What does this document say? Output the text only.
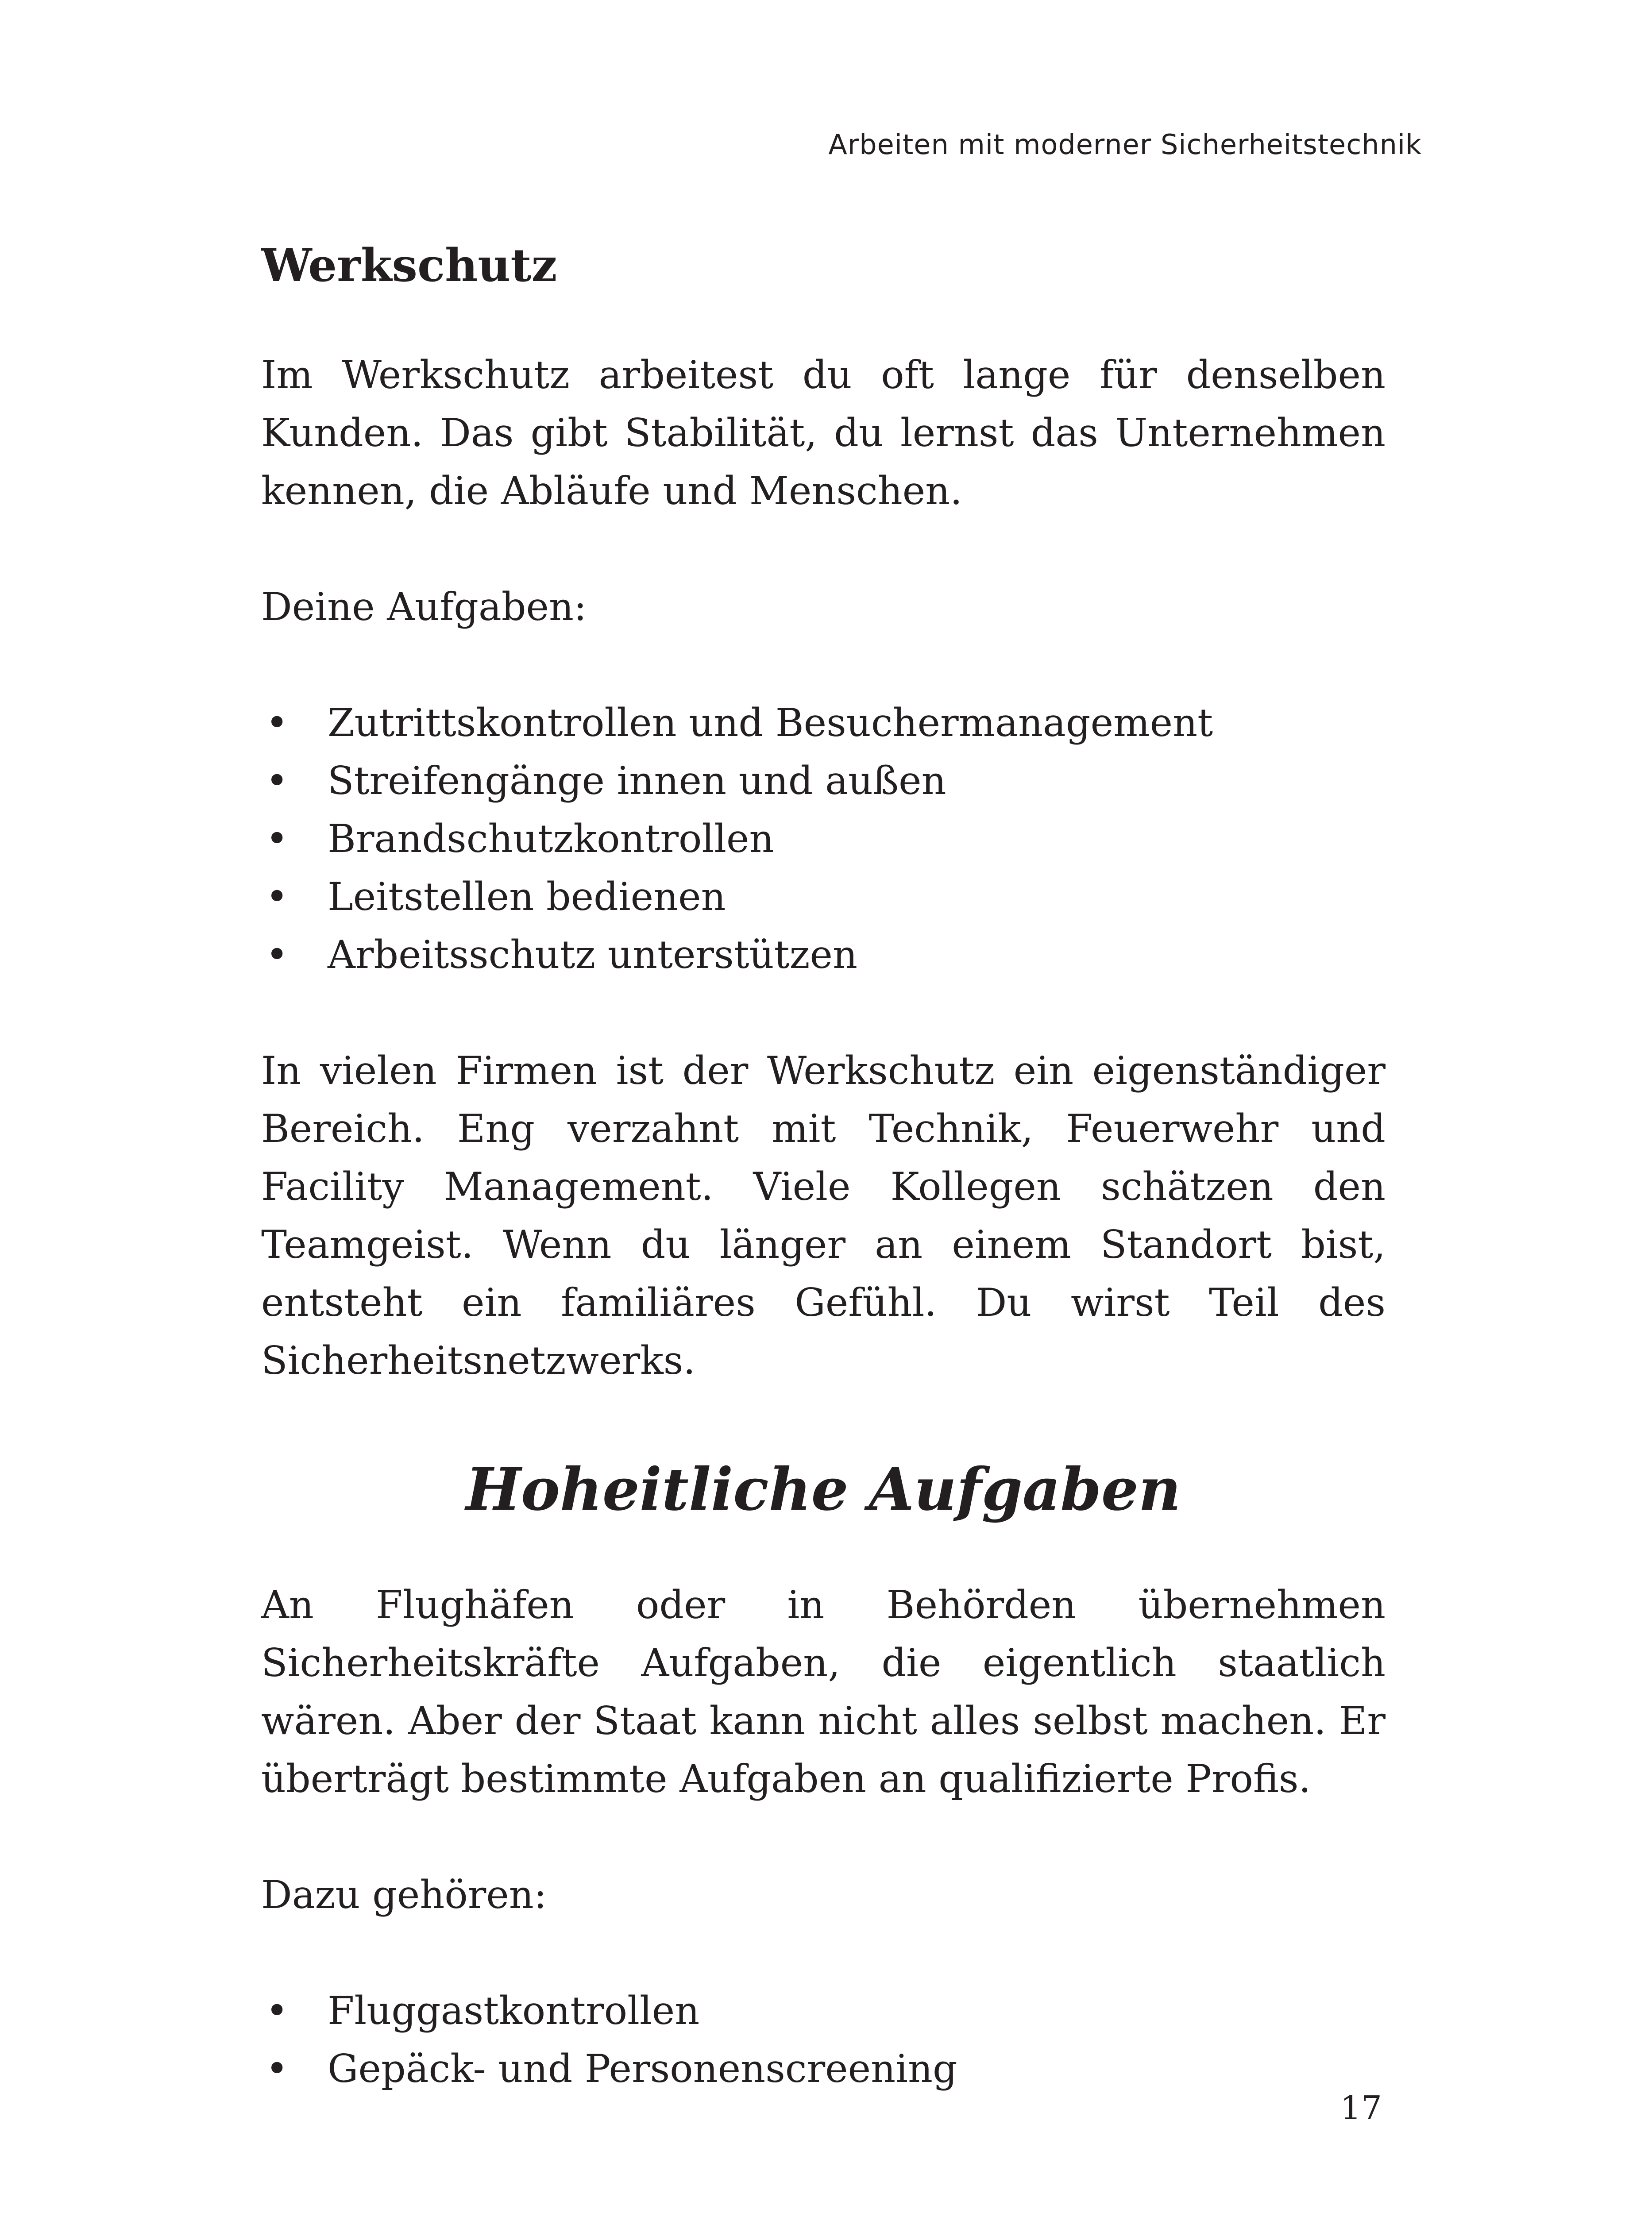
Arbeiten mit moderner Sicherheitstechnik
Werkschutz

Im Werkschutz arbeitest du oft lange für denselben Kunden. Das gibt Stabilität, du lernst das Unternehmen kennen, die Abläufe und Menschen.

Deine Aufgaben:

• Zutrittskontrollen und Besuchermanagement
• Streifengänge innen und außen
• Brandschutzkontrollen
• Leitstellen bedienen
• Arbeitsschutz unterstützen

In vielen Firmen ist der Werkschutz ein eigenständiger Bereich. Eng verzahnt mit Technik, Feuerwehr und Facility Management. Viele Kollegen schätzen den Teamgeist. Wenn du länger an einem Standort bist, entsteht ein familiäres Gefühl. Du wirst Teil des Sicherheitsnetzwerks.

Hoheitliche Aufgaben

An Flughäfen oder in Behörden übernehmen Sicherheitskräfte Aufgaben, die eigentlich staatlich wären. Aber der Staat kann nicht alles selbst machen. Er überträgt bestimmte Aufgaben an qualifizierte Profis.

Dazu gehören:

• Fluggastkontrollen
• Gepäck- und Personenscreening
17
